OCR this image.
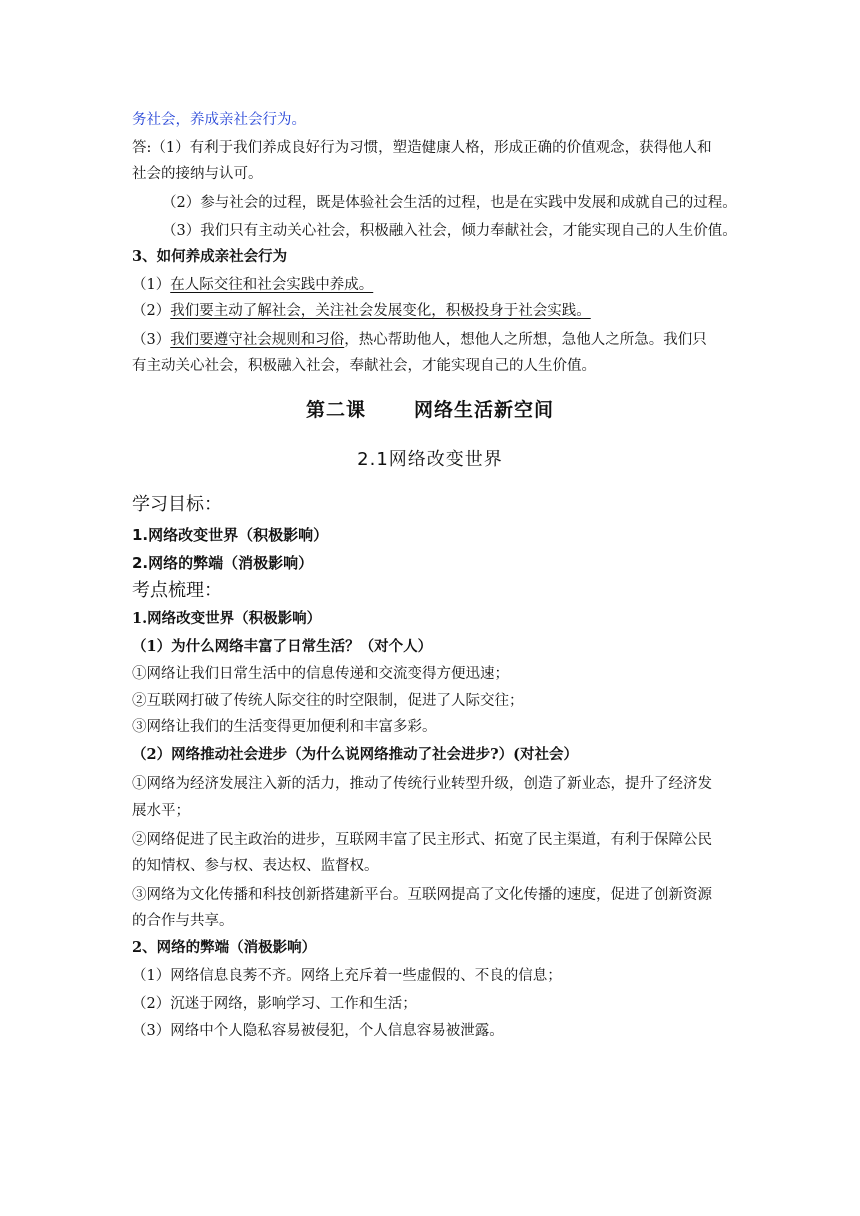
务社会，养成亲社会行为。
答:（1）有利于我们养成良好行为习惯，塑造健康人格，形成正确的价值观念，获得他人和
社会的接纳与认可。
（2）参与社会的过程，既是体验社会生活的过程，也是在实践中发展和成就自己的过程。
（3）我们只有主动关心社会，积极融入社会，倾力奉献社会，才能实现自己的人生价值。
3、如何养成亲社会行为
（1）在人际交往和社会实践中养成。
（2）我们要主动了解社会，关注社会发展变化，积极投身于社会实践。
（3）我们要遵守社会规则和习俗，热心帮助他人，想他人之所想，急他人之所急。我们只
有主动关心社会，积极融入社会，奉献社会，才能实现自己的人生价值。
第二课	网络生活新空间
2.1网络改变世界
学习目标：
1.网络改变世界（积极影响）
2.网络的弊端（消极影响）
考点梳理：
1.网络改变世界（积极影响）
（1）为什么网络丰富了日常生活？（对个人）
①网络让我们日常生活中的信息传递和交流变得方便迅速；
②互联网打破了传统人际交往的时空限制，促进了人际交往；
③网络让我们的生活变得更加便利和丰富多彩。
（2）网络推动社会进步（为什么说网络推动了社会进步?）(对社会）
①网络为经济发展注入新的活力，推动了传统行业转型升级，创造了新业态，提升了经济发
展水平；
②网络促进了民主政治的进步，互联网丰富了民主形式、拓宽了民主渠道，有利于保障公民
的知情权、参与权、表达权、监督权。
③网络为文化传播和科技创新搭建新平台。互联网提高了文化传播的速度，促进了创新资源
的合作与共享。
2、网络的弊端（消极影响）
（1）网络信息良莠不齐。网络上充斥着一些虚假的、不良的信息；
（2）沉迷于网络，影响学习、工作和生活；
（3）网络中个人隐私容易被侵犯，个人信息容易被泄露。
